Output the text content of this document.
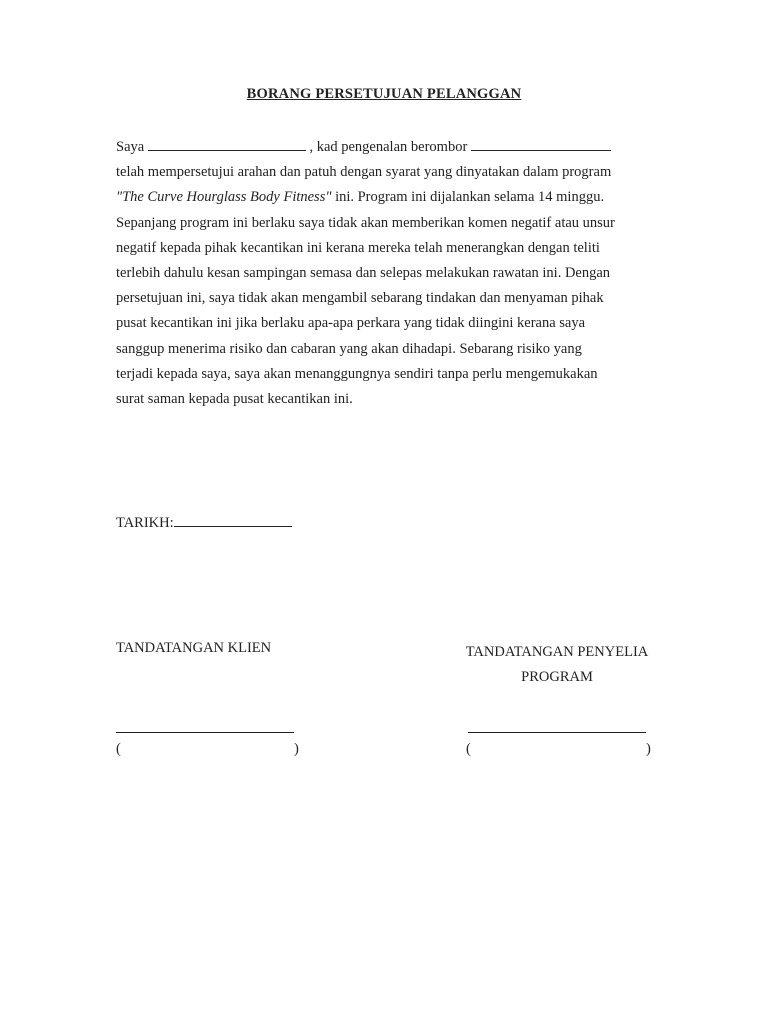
BORANG PERSETUJUAN PELANGGAN
Saya	, kad pengenalan berombor
telah mempersetujui arahan dan patuh dengan syarat yang dinyatakan dalam program
"The Curve Hourglass Body Fitness" ini. Program ini dijalankan selama 14 minggu.
Sepanjang program ini berlaku saya tidak akan memberikan komen negatif atau unsur
negatif kepada pihak kecantikan ini kerana mereka telah menerangkan dengan teliti
terlebih dahulu kesan sampingan semasa dan selepas melakukan rawatan ini. Dengan
persetujuan ini, saya tidak akan mengambil sebarang tindakan dan menyaman pihak
pusat kecantikan ini jika berlaku apa-apa perkara yang tidak diingini kerana saya
sanggup menerima risiko dan cabaran yang akan dihadapi. Sebarang risiko yang
terjadi kepada saya, saya akan menanggungnya sendiri tanpa perlu mengemukakan
surat saman kepada pusat kecantikan ini.
TARIKH:
TANDATANGAN KLIEN	TANDATANGAN PENYELIA
PROGRAM
(	)	(	)
